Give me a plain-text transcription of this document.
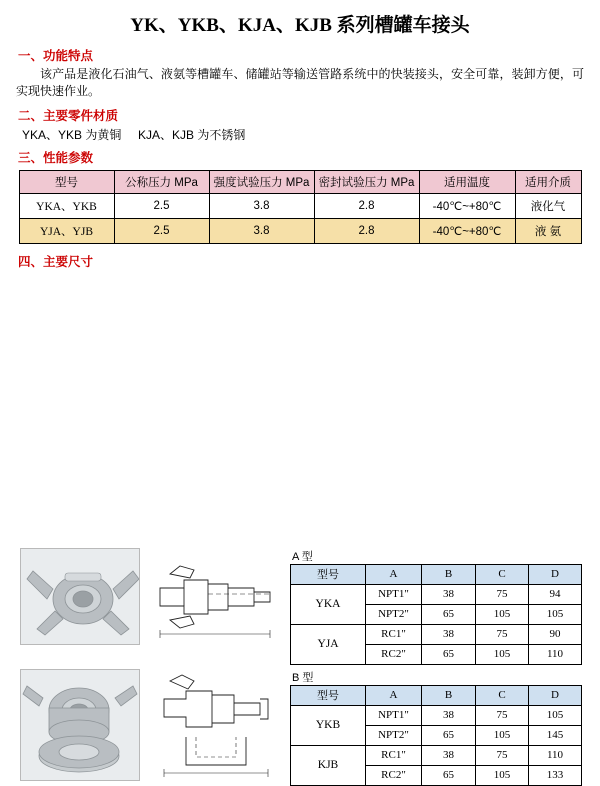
YK、YKB、KJA、KJB 系列槽罐车接头
一、功能特点
该产品是液化石油气、液氨等槽罐车、储罐站等输送管路系统中的快装接头，安全可靠，装卸方便，可实现快速作业。
二、主要零件材质
YKA、YKB 为黄铜     KJA、KJB 为不锈钢
三、性能参数
型号	公称压力 MPa	强度试验压力 MPa	密封试验压力 MPa	适用温度	适用介质
YKA、YKB	2.5	3.8	2.8	-40℃~+80℃	液化气
YJA、YJB	2.5	3.8	2.8	-40℃~+80℃	液 氨
四、主要尺寸
A 型
型号	A	B	C	D
YKA	NPT1"	38	75	94
	NPT2"	65	105	105
YJA	RC1"	38	75	90
	RC2"	65	105	110
B 型
型号	A	B	C	D
YKB	NPT1"	38	75	105
	NPT2"	65	105	145
KJB	RC1"	38	75	110
	RC2"	65	105	133
